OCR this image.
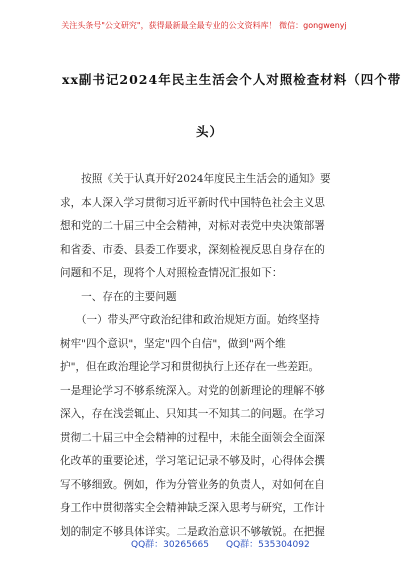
关注头条号"公文研究"，获得最新最全最专业的公文资料库！ 微信：gongwenyj
xx副书记2024年民主生活会个人对照检查材料（四个带
头）
　　按照《关于认真开好2024年度民主生活会的通知》要
求，本人深入学习贯彻习近平新时代中国特色社会主义思
想和党的二十届三中全会精神，对标对表党中央决策部署
和省委、市委、县委工作要求，深刻检视反思自身存在的
问题和不足，现将个人对照检查情况汇报如下：
　　一、存在的主要问题
　　（一）带头严守政治纪律和政治规矩方面。始终坚持
树牢"四个意识"，坚定"四个自信"，做到"两个维
护"，但在政治理论学习和贯彻执行上还存在一些差距。
一是理论学习不够系统深入。对党的创新理论的理解不够
深入，存在浅尝辄止、只知其一不知其二的问题。在学习
贯彻二十届三中全会精神的过程中，未能全面领会全面深
化改革的重要论述，学习笔记记录不够及时，心得体会撰
写不够细致。例如，作为分管业务的负责人，对如何在自
身工作中贯彻落实全会精神缺乏深入思考与研究，工作计
划的制定不够具体详实。二是政治意识不够敏锐。在把握
QQ群：30265665 QQ群：535304092
